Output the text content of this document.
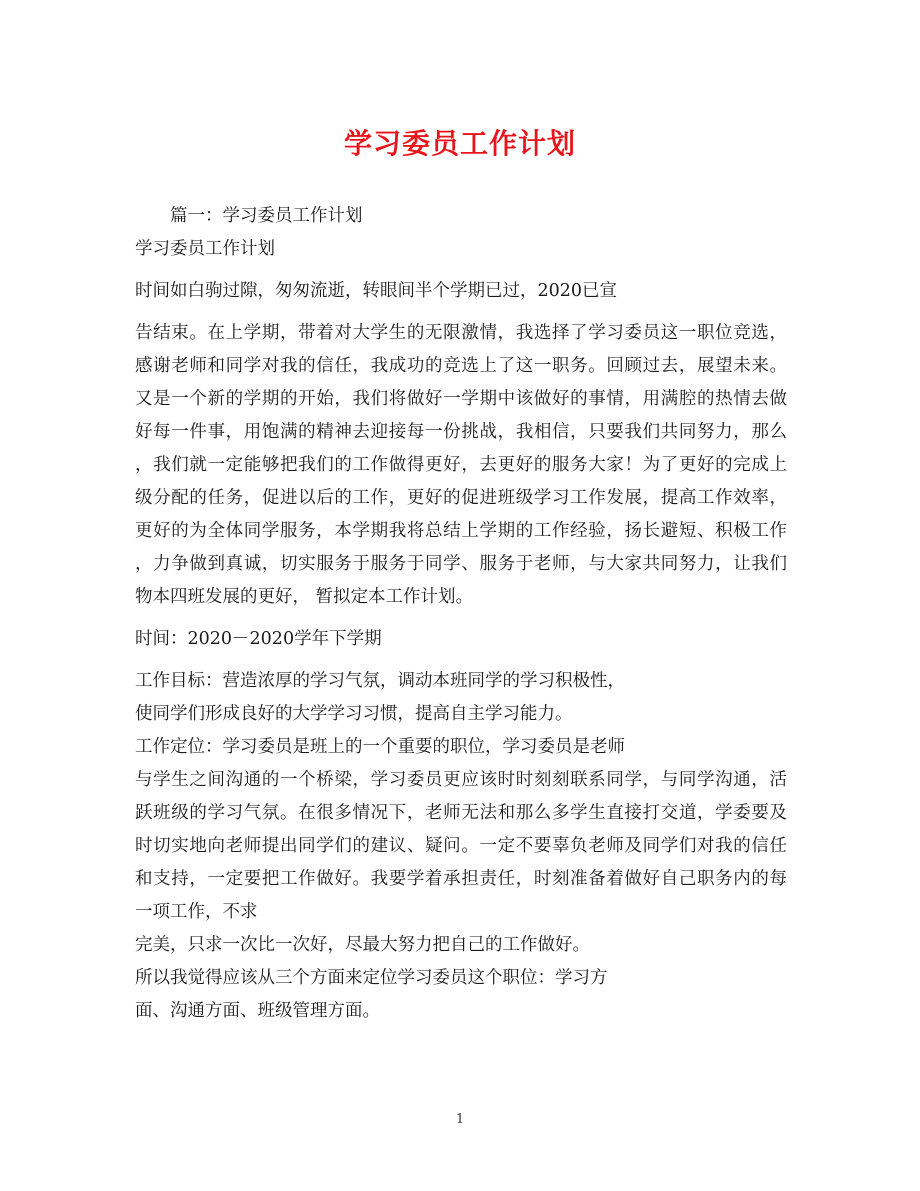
学习委员工作计划
篇一：学习委员工作计划
学习委员工作计划
时间如白驹过隙，匆匆流逝，转眼间半个学期已过，2020已宣
告结束。在上学期，带着对大学生的无限激情，我选择了学习委员这一职位竞选，
感谢老师和同学对我的信任，我成功的竞选上了这一职务。回顾过去，展望未来。
又是一个新的学期的开始，我们将做好一学期中该做好的事情，用满腔的热情去做
好每一件事，用饱满的精神去迎接每一份挑战，我相信，只要我们共同努力，那么
，我们就一定能够把我们的工作做得更好，去更好的服务大家！为了更好的完成上
级分配的任务，促进以后的工作，更好的促进班级学习工作发展，提高工作效率，
更好的为全体同学服务，本学期我将总结上学期的工作经验，扬长避短、积极工作
，力争做到真诚，切实服务于服务于同学、服务于老师，与大家共同努力，让我们
物本四班发展的更好， 暂拟定本工作计划。
时间：2020－2020学年下学期
工作目标：营造浓厚的学习气氛，调动本班同学的学习积极性，
使同学们形成良好的大学学习习惯，提高自主学习能力。
工作定位：学习委员是班上的一个重要的职位，学习委员是老师
与学生之间沟通的一个桥梁，学习委员更应该时时刻刻联系同学，与同学沟通，活
跃班级的学习气氛。在很多情况下，老师无法和那么多学生直接打交道，学委要及
时切实地向老师提出同学们的建议、疑问。一定不要辜负老师及同学们对我的信任
和支持，一定要把工作做好。我要学着承担责任，时刻准备着做好自己职务内的每
一项工作，不求
完美，只求一次比一次好，尽最大努力把自己的工作做好。
所以我觉得应该从三个方面来定位学习委员这个职位：学习方
面、沟通方面、班级管理方面。
1
